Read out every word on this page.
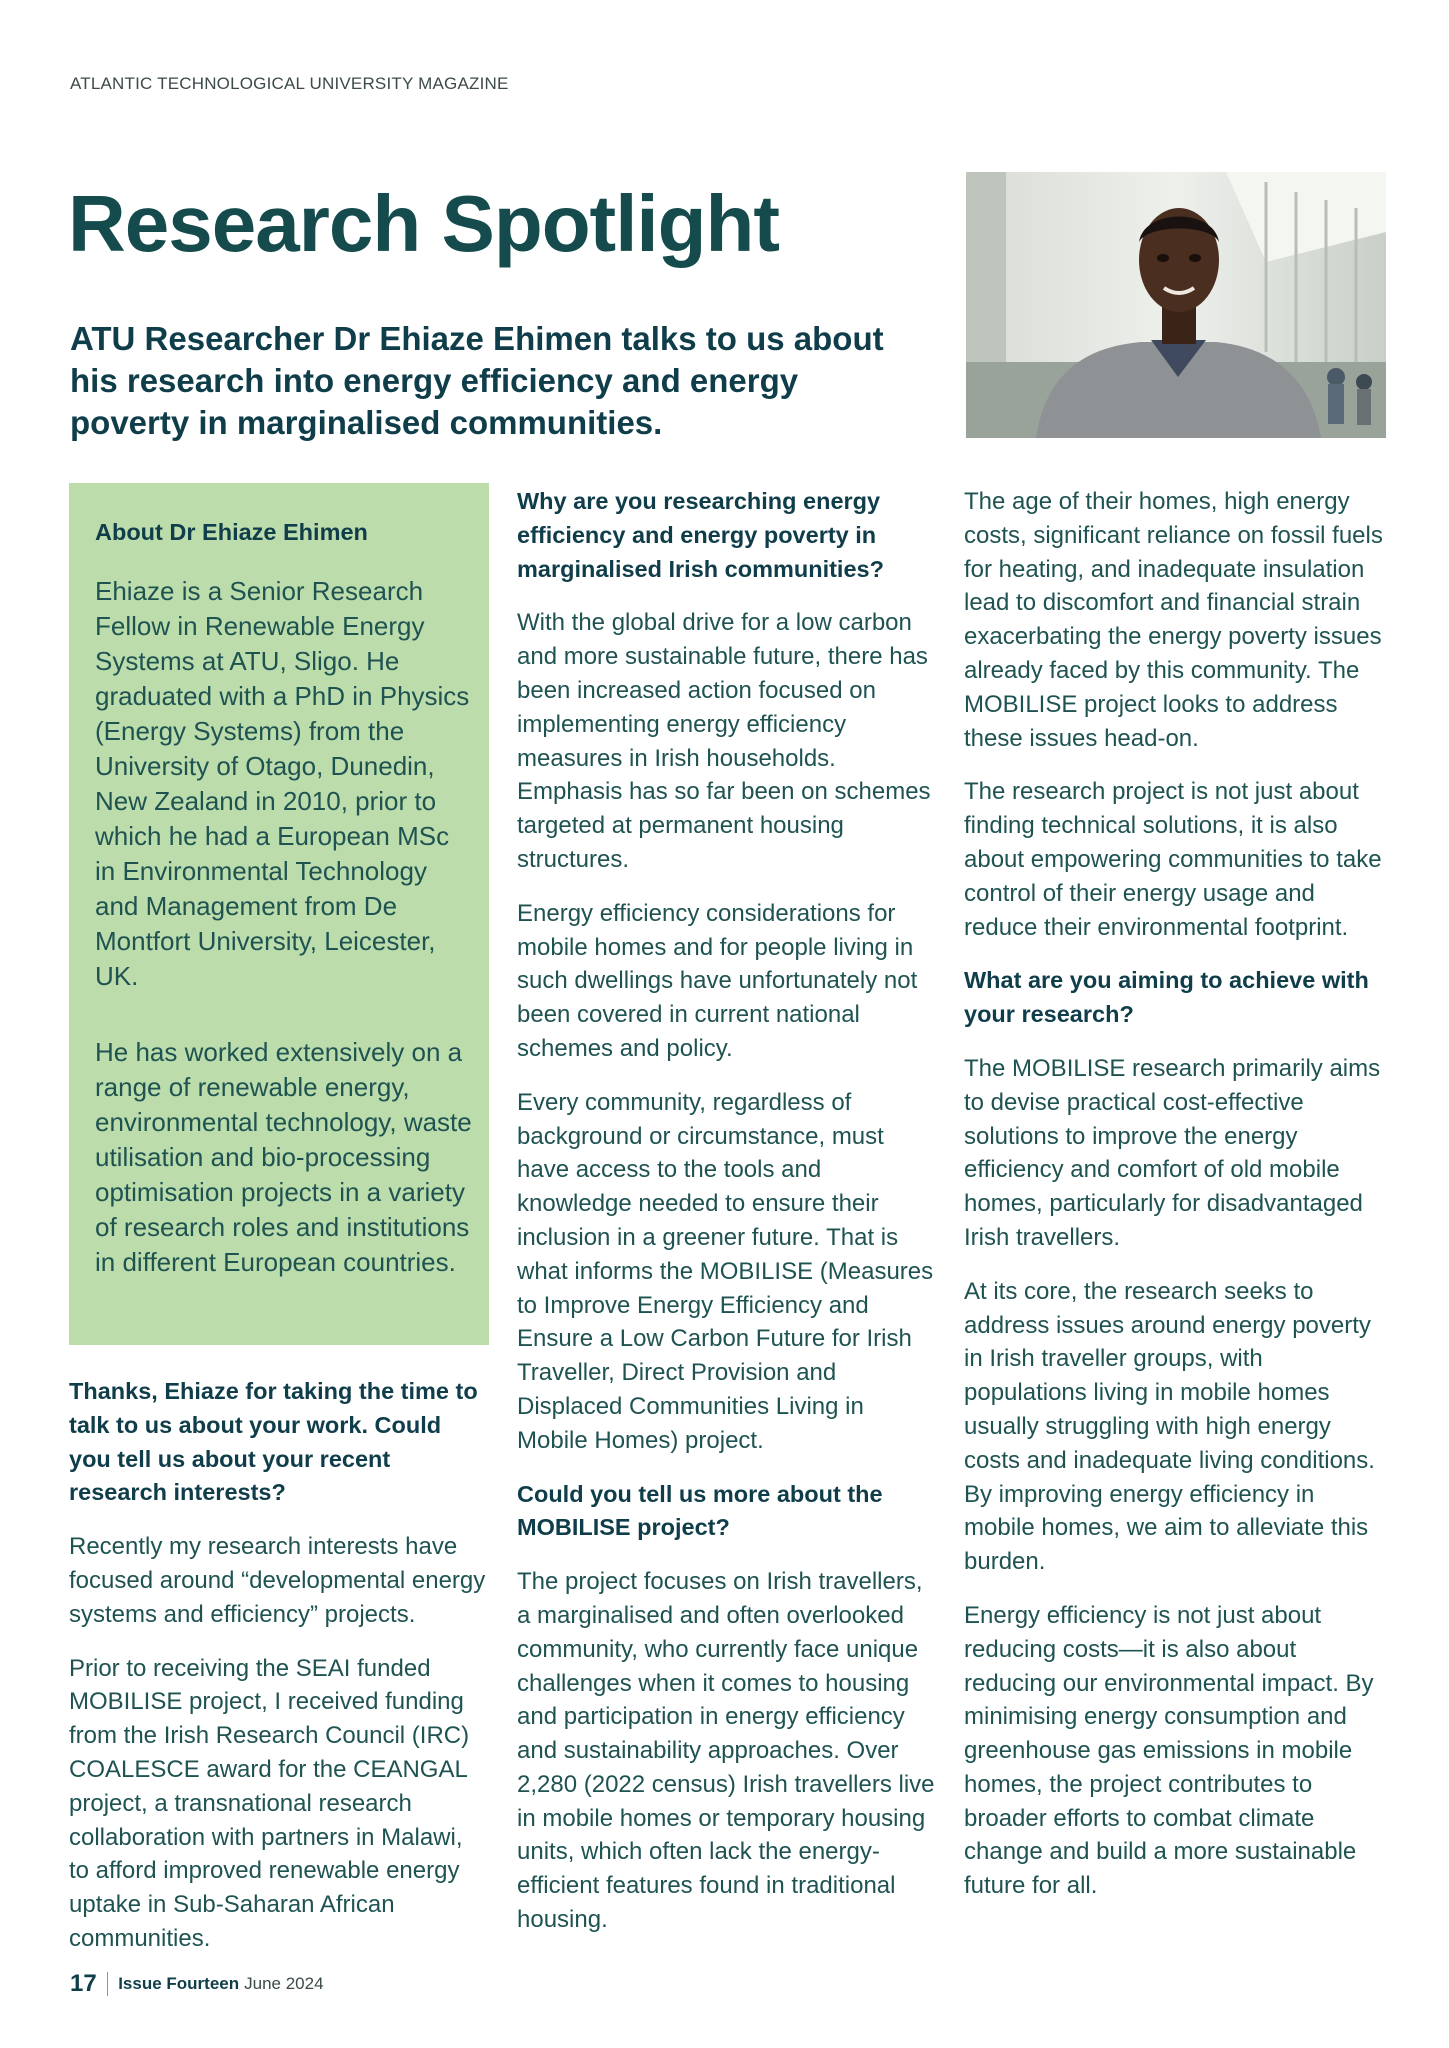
ATLANTIC TECHNOLOGICAL UNIVERSITY MAGAZINE
Research Spotlight

ATU Researcher Dr Ehiaze Ehimen talks to us about his research into energy efficiency and energy poverty in marginalised communities.

About Dr Ehiaze Ehimen

Ehiaze is a Senior Research Fellow in Renewable Energy Systems at ATU, Sligo. He graduated with a PhD in Physics (Energy Systems) from the University of Otago, Dunedin, New Zealand in 2010, prior to which he had a European MSc in Environmental Technology and Management from De Montfort University, Leicester, UK.

He has worked extensively on a range of renewable energy, environmental technology, waste utilisation and bio-processing optimisation projects in a variety of research roles and institutions in different European countries.

Thanks, Ehiaze for taking the time to talk to us about your work. Could you tell us about your recent research interests?

Recently my research interests have focused around “developmental energy systems and efficiency” projects.

Prior to receiving the SEAI funded MOBILISE project, I received funding from the Irish Research Council (IRC) COALESCE award for the CEANGAL project, a transnational research collaboration with partners in Malawi, to afford improved renewable energy uptake in Sub-Saharan African communities.

Why are you researching energy efficiency and energy poverty in marginalised Irish communities?

With the global drive for a low carbon and more sustainable future, there has been increased action focused on implementing energy efficiency measures in Irish households. Emphasis has so far been on schemes targeted at permanent housing structures.

Energy efficiency considerations for mobile homes and for people living in such dwellings have unfortunately not been covered in current national schemes and policy.

Every community, regardless of background or circumstance, must have access to the tools and knowledge needed to ensure their inclusion in a greener future. That is what informs the MOBILISE (Measures to Improve Energy Efficiency and Ensure a Low Carbon Future for Irish Traveller, Direct Provision and Displaced Communities Living in Mobile Homes) project.

Could you tell us more about the MOBILISE project?

The project focuses on Irish travellers, a marginalised and often overlooked community, who currently face unique challenges when it comes to housing and participation in energy efficiency and sustainability approaches. Over 2,280 (2022 census) Irish travellers live in mobile homes or temporary housing units, which often lack the energy-efficient features found in traditional housing.

The age of their homes, high energy costs, significant reliance on fossil fuels for heating, and inadequate insulation lead to discomfort and financial strain exacerbating the energy poverty issues already faced by this community. The MOBILISE project looks to address these issues head-on.

The research project is not just about finding technical solutions, it is also about empowering communities to take control of their energy usage and reduce their environmental footprint.

What are you aiming to achieve with your research?

The MOBILISE research primarily aims to devise practical cost-effective solutions to improve the energy efficiency and comfort of old mobile homes, particularly for disadvantaged Irish travellers.

At its core, the research seeks to address issues around energy poverty in Irish traveller groups, with populations living in mobile homes usually struggling with high energy costs and inadequate living conditions. By improving energy efficiency in mobile homes, we aim to alleviate this burden.

Energy efficiency is not just about reducing costs—it is also about reducing our environmental impact. By minimising energy consumption and greenhouse gas emissions in mobile homes, the project contributes to broader efforts to combat climate change and build a more sustainable future for all.

17 Issue Fourteen June 2024
